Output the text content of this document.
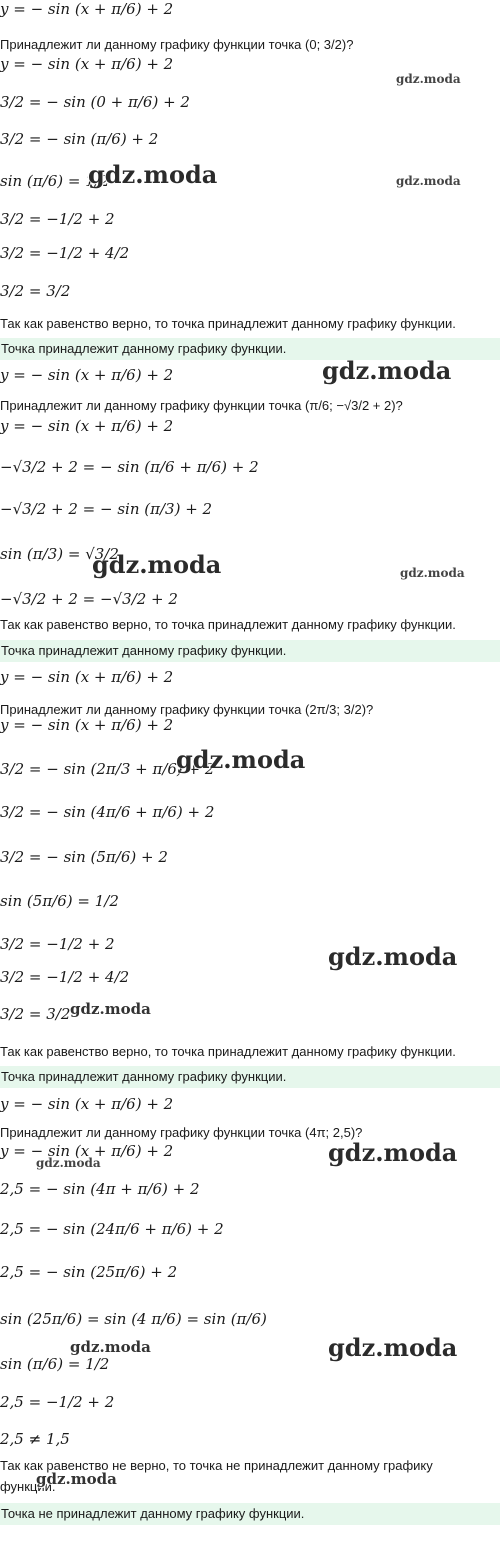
y = − sin (x + π/6) + 2
Принадлежит ли данному графику функции точка (0; 3/2)?
y = − sin (x + π/6) + 2
3/2 = − sin (0 + π/6) + 2
3/2 = − sin (π/6) + 2
sin (π/6) = 1/2
3/2 = −1/2 + 2
3/2 = −1/2 + 4/2
3/2 = 3/2
Так как равенство верно, то точка принадлежит данному графику функции.
Точка принадлежит данному графику функции.
y = − sin (x + π/6) + 2
Принадлежит ли данному графику функции точка (π/6; −√3/2 + 2)?
y = − sin (x + π/6) + 2
−√3/2 + 2 = − sin (π/6 + π/6) + 2
−√3/2 + 2 = − sin (π/3) + 2
sin (π/3) = √3/2
−√3/2 + 2 = −√3/2 + 2
Так как равенство верно, то точка принадлежит данному графику функции.
Точка принадлежит данному графику функции.
y = − sin (x + π/6) + 2
Принадлежит ли данному графику функции точка (2π/3; 3/2)?
y = − sin (x + π/6) + 2
3/2 = − sin (2π/3 + π/6) + 2
3/2 = − sin (4π/6 + π/6) + 2
3/2 = − sin (5π/6) + 2
sin (5π/6) = 1/2
3/2 = −1/2 + 2
3/2 = −1/2 + 4/2
3/2 = 3/2
Так как равенство верно, то точка принадлежит данному графику функции.
Точка принадлежит данному графику функции.
y = − sin (x + π/6) + 2
Принадлежит ли данному графику функции точка (4π; 2,5)?
y = − sin (x + π/6) + 2
2,5 = − sin (4π + π/6) + 2
2,5 = − sin (24π/6 + π/6) + 2
2,5 = − sin (25π/6) + 2
sin (25π/6) = sin (4 π/6) = sin (π/6)
sin (π/6) = 1/2
2,5 = −1/2 + 2
2,5 ≠ 1,5
Так как равенство не верно, то точка не принадлежит данному графику
функции.
Точка не принадлежит данному графику функции.
gdz.moda
gdz.moda
gdz.moda
gdz.moda
gdz.moda	gdz.moda
gdz.moda
gdz.moda
gdz.moda
gdz.moda	gdz.moda
gdz.moda	gdz.moda
gdz.moda
